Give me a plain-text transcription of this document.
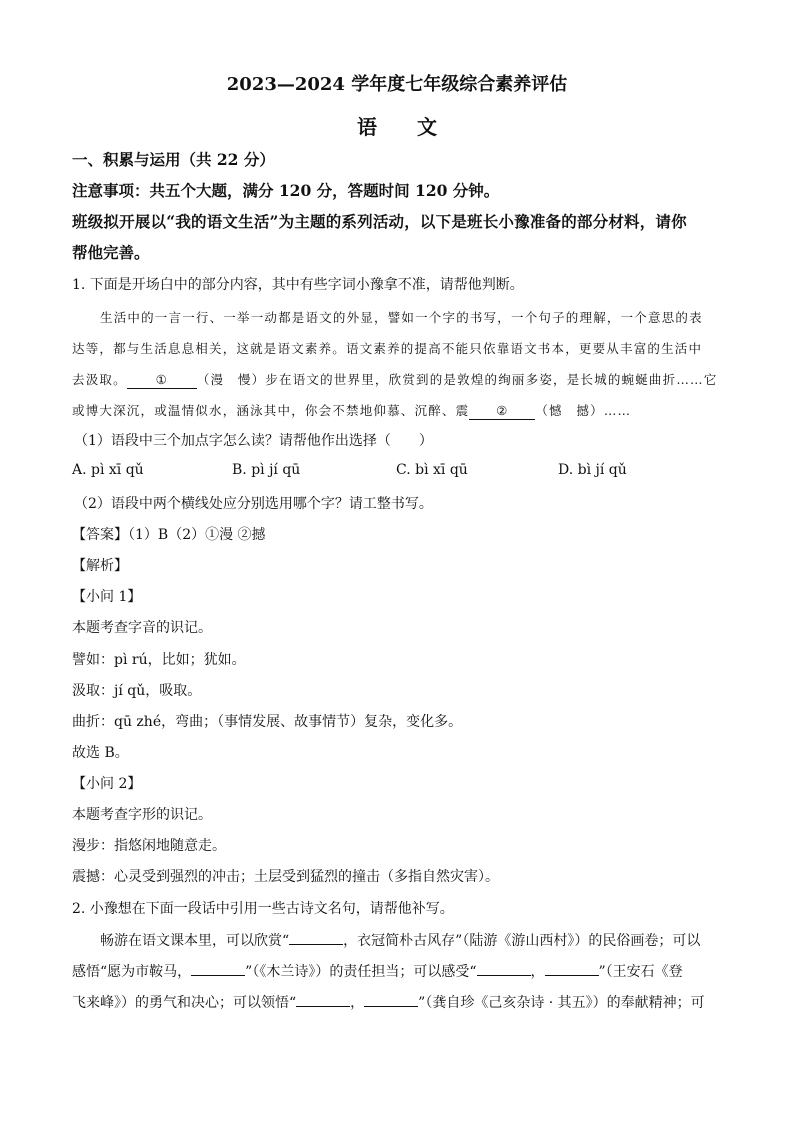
2023—2024 学年度七年级综合素养评估
语　　文
一、积累与运用（共 22 分）
注意事项：共五个大题，满分 120 分，答题时间 120 分钟。
班级拟开展以“我的语文生活”为主题的系列活动，以下是班长小豫准备的部分材料，请你
帮他完善。
1. 下面是开场白中的部分内容，其中有些字词小豫拿不准，请帮他判断。
生活中的一言一行、一举一动都是语文的外显，譬如一个字的书写，一个句子的理解，一个意思的表
达等，都与生活息息相关，这就是语文素养。语文素养的提高不能只依靠语文书本，更要从丰富的生活中
去汲取。 ① （漫　慢）步在语文的世界里，欣赏到的是敦煌的绚丽多姿，是长城的蜿蜒曲折……它
或博大深沉，或温情似水，涵泳其中，你会不禁地仰慕、沉醉、震 ② （憾　撼）……
（1）语段中三个加点字怎么读？请帮他作出选择（　　）
A. pì xī qǔ	B. pì jí qū	C. bì xī qū	D. bì jí qǔ
（2）语段中两个横线处应分别选用哪个字？请工整书写。
【答案】（1）B（2）①漫 ②撼
【解析】
【小问 1】
本题考查字音的识记。
譬如：pì rú，比如；犹如。
汲取：jí qǔ，吸取。
曲折：qū zhé，弯曲；（事情发展、故事情节）复杂，变化多。
故选 B。
【小问 2】
本题考查字形的识记。
漫步：指悠闲地随意走。
震撼：心灵受到强烈的冲击；土层受到猛烈的撞击（多指自然灾害）。
2. 小豫想在下面一段话中引用一些古诗文名句，请帮他补写。
畅游在语文课本里，可以欣赏“	，衣冠简朴古风存”（陆游《游山西村》）的民俗画卷；可以
感悟“愿为市鞍马，	”（《木兰诗》）的责任担当；可以感受“	，	”（王安石《登
飞来峰》）的勇气和决心；可以领悟“	，	”（龚自珍《己亥杂诗 · 其五》）的奉献精神；可
